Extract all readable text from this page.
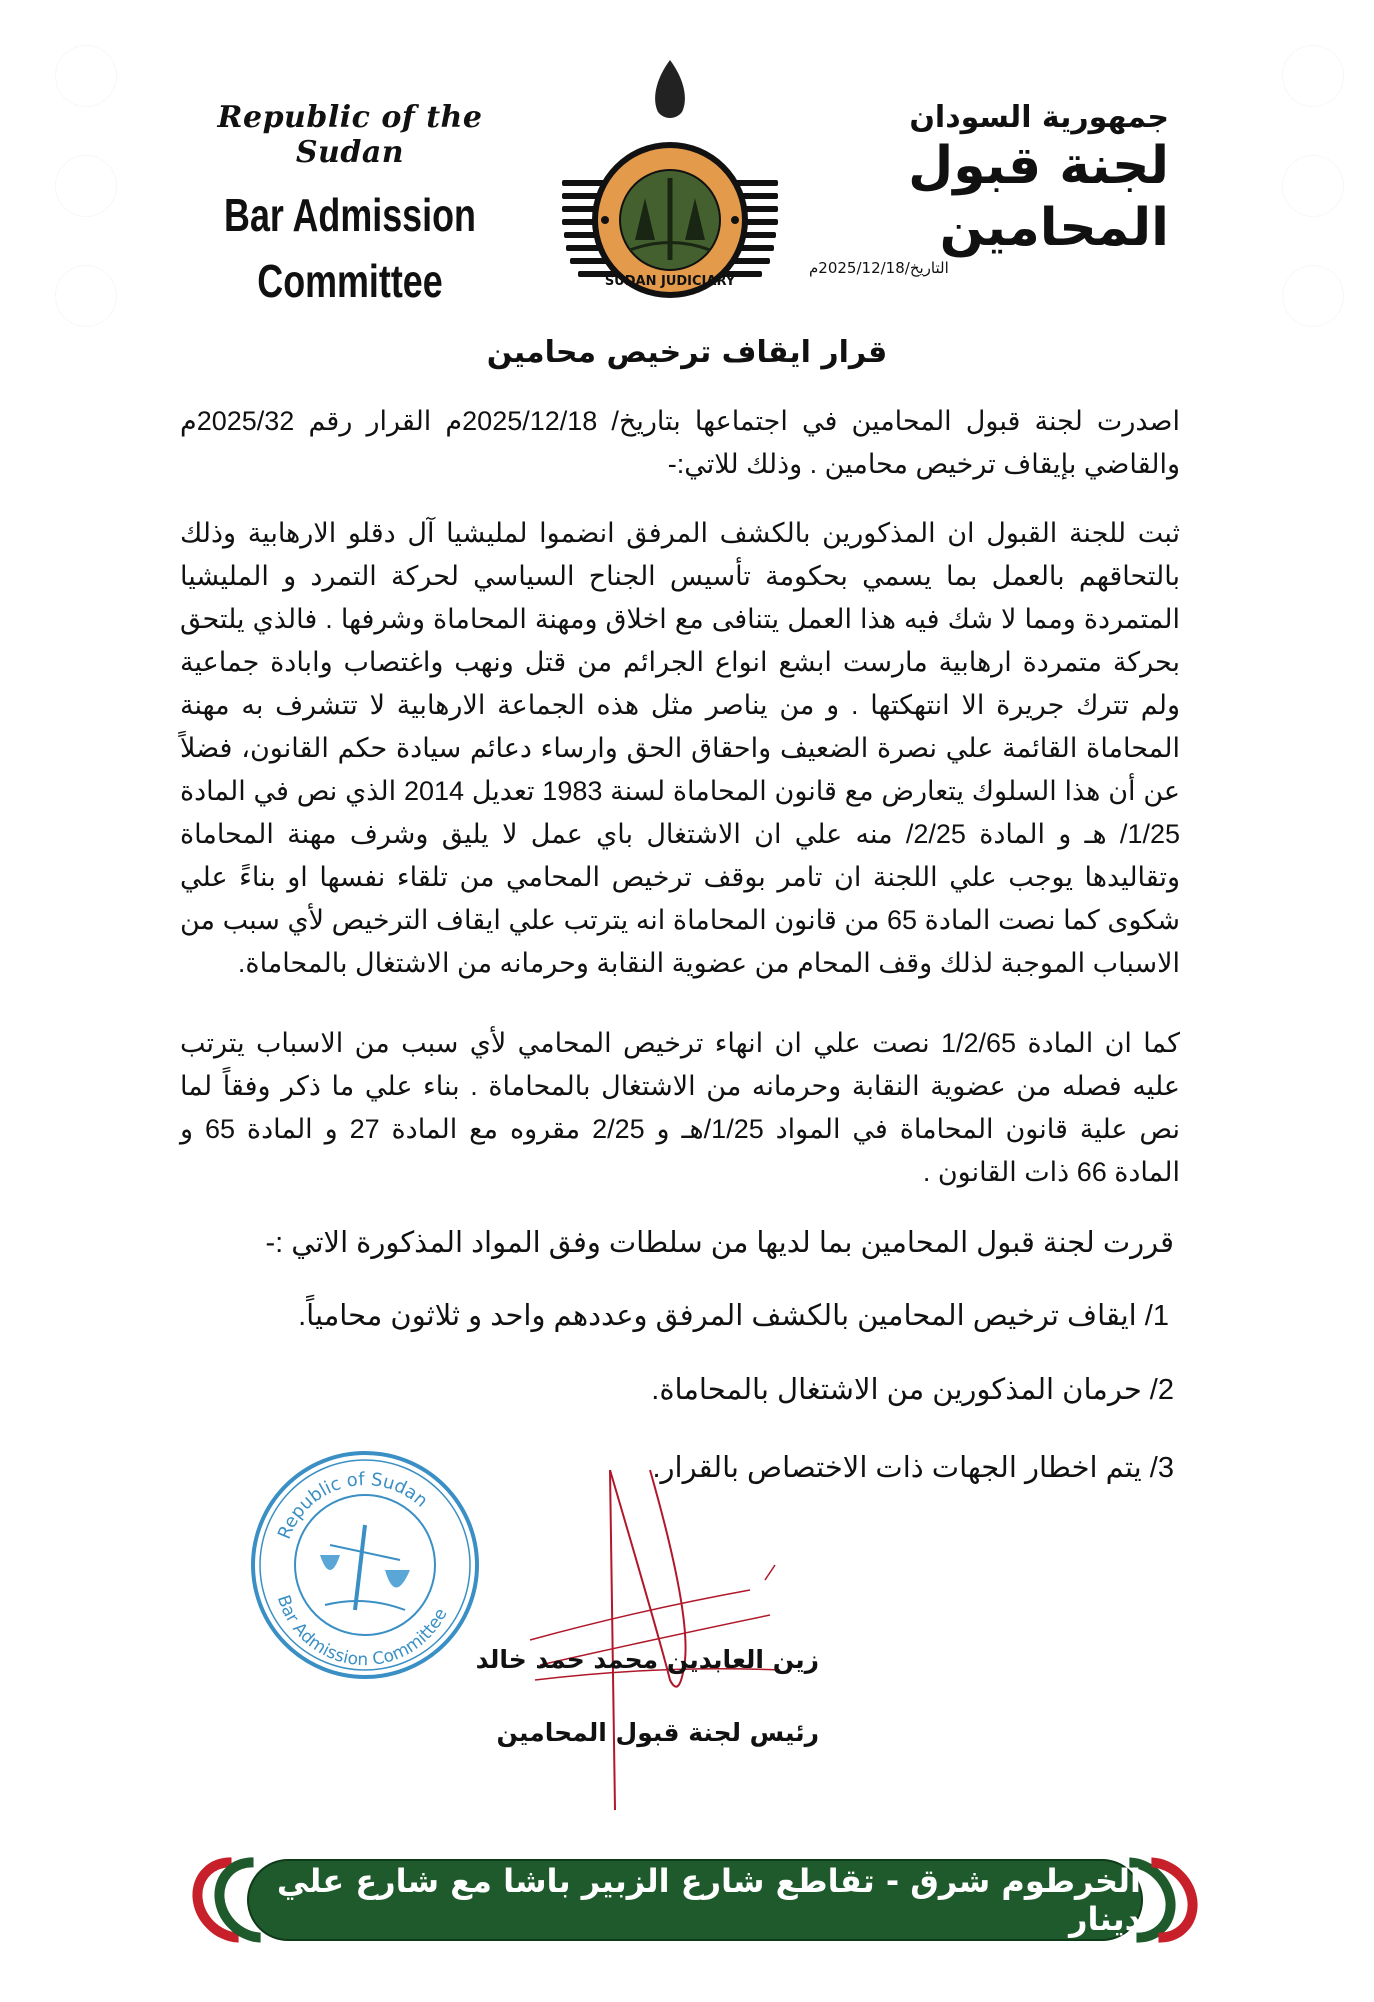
Republic of the Sudan
Bar Admission
Committee	SUDAN JUDICIARY
جمهورية السودان
لجنة قبول
المحامين
التاريخ/2025/12/18م
قرار ايقاف ترخيص محامين
اصدرت لجنة قبول المحامين في اجتماعها بتاريخ/ 2025/12/18م القرار رقم 2025/32م والقاضي بإيقاف ترخيص محامين . وذلك للاتي:-
ثبت للجنة القبول ان المذكورين بالكشف المرفق انضموا لمليشيا آل دقلو الارهابية وذلك بالتحاقهم بالعمل بما يسمي بحكومة تأسيس الجناح السياسي لحركة التمرد و المليشيا المتمردة ومما لا شك فيه هذا العمل يتنافى مع اخلاق ومهنة المحاماة وشرفها . فالذي يلتحق بحركة متمردة ارهابية مارست ابشع انواع الجرائم من قتل ونهب واغتصاب وابادة جماعية ولم تترك جريرة الا انتهكتها . و من يناصر مثل هذه الجماعة الارهابية لا تتشرف به مهنة المحاماة القائمة علي نصرة الضعيف واحقاق الحق وارساء دعائم سيادة حكم القانون، فضلاً عن أن هذا السلوك يتعارض مع قانون المحاماة لسنة 1983 تعديل 2014 الذي نص في المادة 1/25/ هـ و المادة 2/25/ منه علي ان الاشتغال باي عمل لا يليق وشرف مهنة المحاماة وتقاليدها يوجب علي اللجنة ان تامر بوقف ترخيص المحامي من تلقاء نفسها او بناءً علي شكوى كما نصت المادة 65 من قانون المحاماة انه يترتب علي ايقاف الترخيص لأي سبب من الاسباب الموجبة لذلك وقف المحام من عضوية النقابة وحرمانه من الاشتغال بالمحاماة.
كما ان المادة 1/2/65 نصت علي ان انهاء ترخيص المحامي لأي سبب من الاسباب يترتب عليه فصله من عضوية النقابة وحرمانه من الاشتغال بالمحاماة . بناء علي ما ذكر وفقاً لما نص علية قانون المحاماة في المواد 1/25/هـ و 2/25 مقروه مع المادة 27 و المادة 65 و المادة 66 ذات القانون .
قررت لجنة قبول المحامين بما لديها من سلطات وفق المواد المذكورة الاتي :-
1/ ايقاف ترخيص المحامين بالكشف المرفق وعددهم واحد و ثلاثون محامياً.
2/ حرمان المذكورين من الاشتغال بالمحاماة.
3/ يتم اخطار الجهات ذات الاختصاص بالقرار.
Republic of Sudan
Bar Admission Committee
زين العابدين محمد حمد خالد
رئيس لجنة قبول المحامين
الخرطوم شرق - تقاطع شارع الزبير باشا مع شارع علي دينار
